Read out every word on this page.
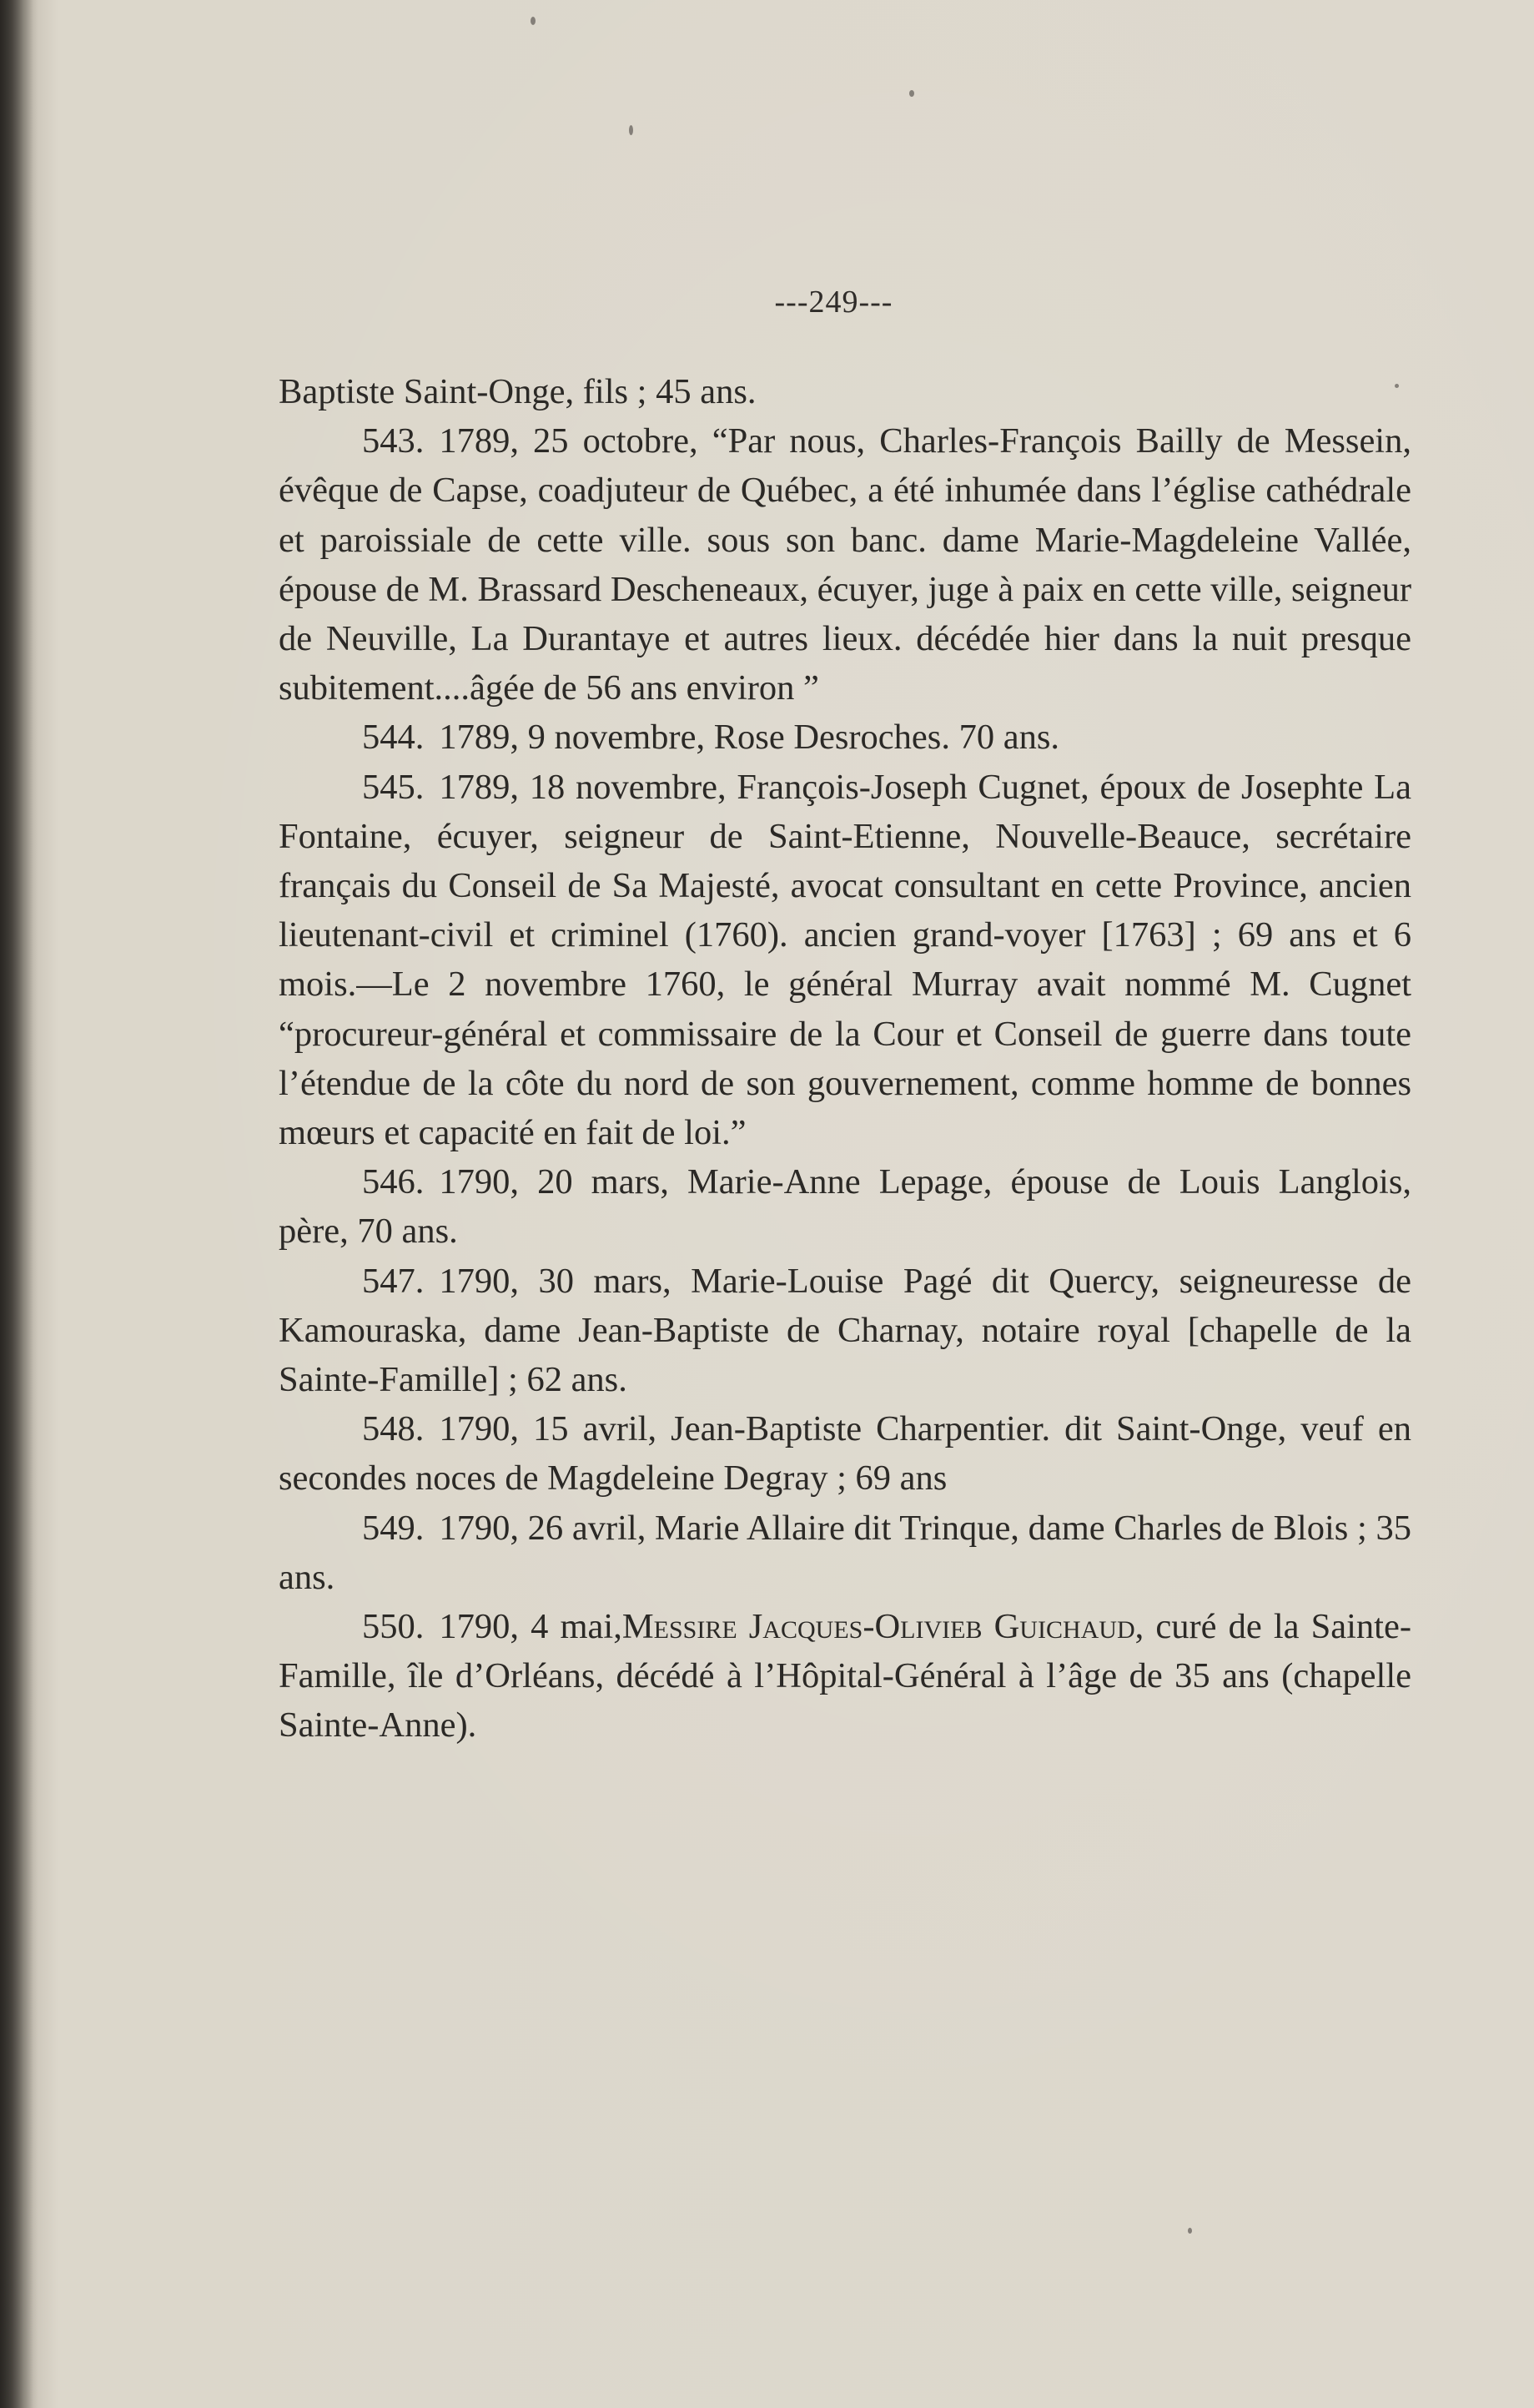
---249---

Baptiste Saint-Onge, fils ; 45 ans.

543. 1789, 25 octobre, “Par nous, Charles-François Bailly de Messein, évêque de Capse, coadjuteur de Québec, a été inhumée dans l’église cathédrale et paroissiale de cette ville. sous son banc. dame Marie-Magdeleine Vallée, épouse de M. Brassard Descheneaux, écuyer, juge à paix en cette ville, seigneur de Neuville, La Durantaye et autres lieux. décédée hier dans la nuit presque subitement....âgée de 56 ans environ ”

544. 1789, 9 novembre, Rose Desroches. 70 ans.

545. 1789, 18 novembre, François-Joseph Cugnet, époux de Josephte La Fontaine, écuyer, seigneur de Saint-Etienne, Nouvelle-Beauce, secrétaire français du Conseil de Sa Majesté, avocat consultant en cette Province, ancien lieutenant-civil et criminel (1760). ancien grand-voyer [1763] ; 69 ans et 6 mois.—Le 2 novembre 1760, le général Murray avait nommé M. Cugnet “procureur-général et commissaire de la Cour et Conseil de guerre dans toute l’étendue de la côte du nord de son gouvernement, comme homme de bonnes mœurs et capacité en fait de loi.”

546. 1790, 20 mars, Marie-Anne Lepage, épouse de Louis Langlois, père, 70 ans.

547. 1790, 30 mars, Marie-Louise Pagé dit Quercy, seigneuresse de Kamouraska, dame Jean-Baptiste de Charnay, notaire royal [chapelle de la Sainte-Famille] ; 62 ans.

548. 1790, 15 avril, Jean-Baptiste Charpentier. dit Saint-Onge, veuf en secondes noces de Magdeleine Degray ; 69 ans

549. 1790, 26 avril, Marie Allaire dit Trinque, dame Charles de Blois ; 35 ans.

550. 1790, 4 mai,Messire Jacques-Olivieb Guichaud, curé de la Sainte-Famille, île d’Orléans, décédé à l’Hôpital-Général à l’âge de 35 ans (chapelle Sainte-Anne).
